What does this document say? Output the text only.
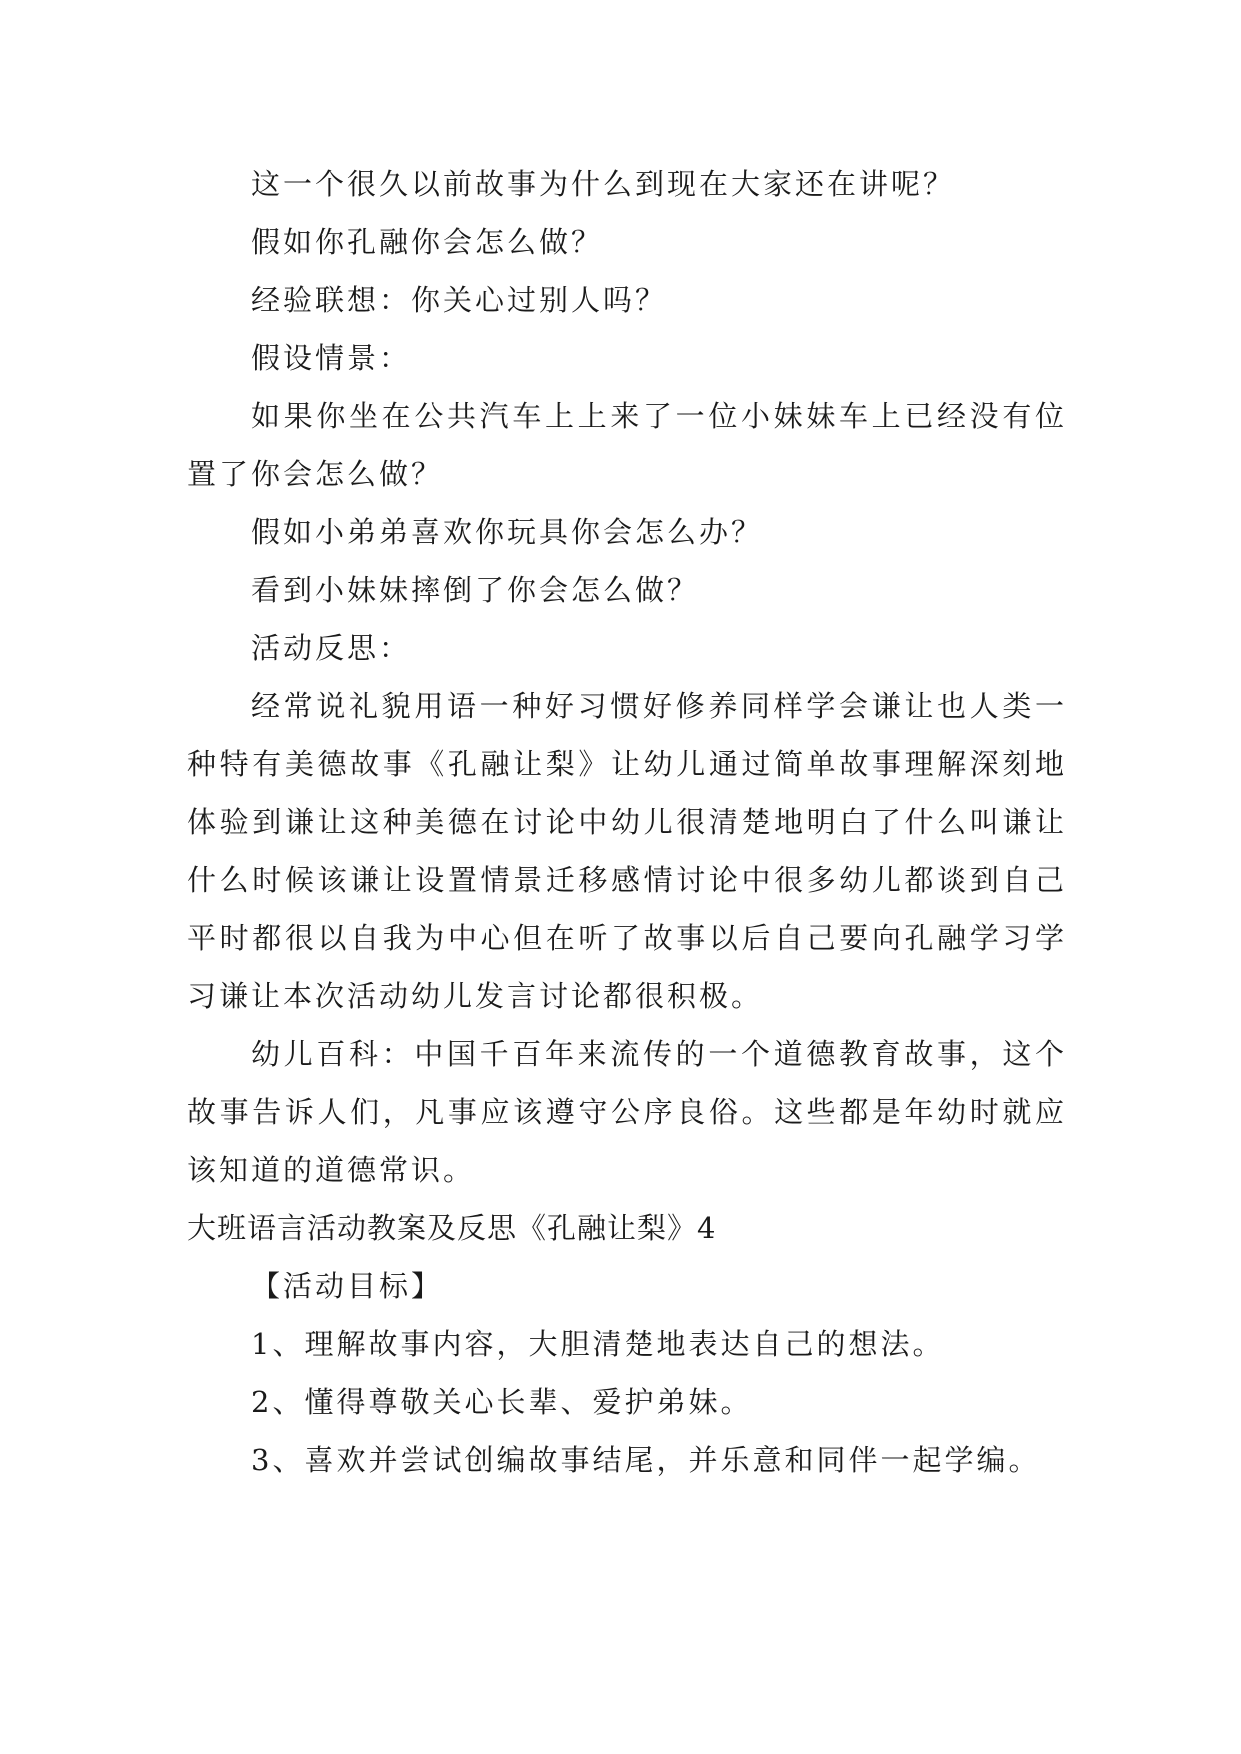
这一个很久以前故事为什么到现在大家还在讲呢？

假如你孔融你会怎么做？

经验联想：你关心过别人吗？

假设情景：

如果你坐在公共汽车上上来了一位小妹妹车上已经没有位置了你会怎么做？

假如小弟弟喜欢你玩具你会怎么办？

看到小妹妹摔倒了你会怎么做？

活动反思：

经常说礼貌用语一种好习惯好修养同样学会谦让也人类一种特有美德故事《孔融让梨》让幼儿通过简单故事理解深刻地体验到谦让这种美德在讨论中幼儿很清楚地明白了什么叫谦让什么时候该谦让设置情景迁移感情讨论中很多幼儿都谈到自己平时都很以自我为中心但在听了故事以后自己要向孔融学习学习谦让本次活动幼儿发言讨论都很积极。

幼儿百科：中国千百年来流传的一个道德教育故事，这个故事告诉人们，凡事应该遵守公序良俗。这些都是年幼时就应该知道的道德常识。

大班语言活动教案及反思《孔融让梨》4

【活动目标】

1、理解故事内容，大胆清楚地表达自己的想法。

2、懂得尊敬关心长辈、爱护弟妹。

3、喜欢并尝试创编故事结尾，并乐意和同伴一起学编。
